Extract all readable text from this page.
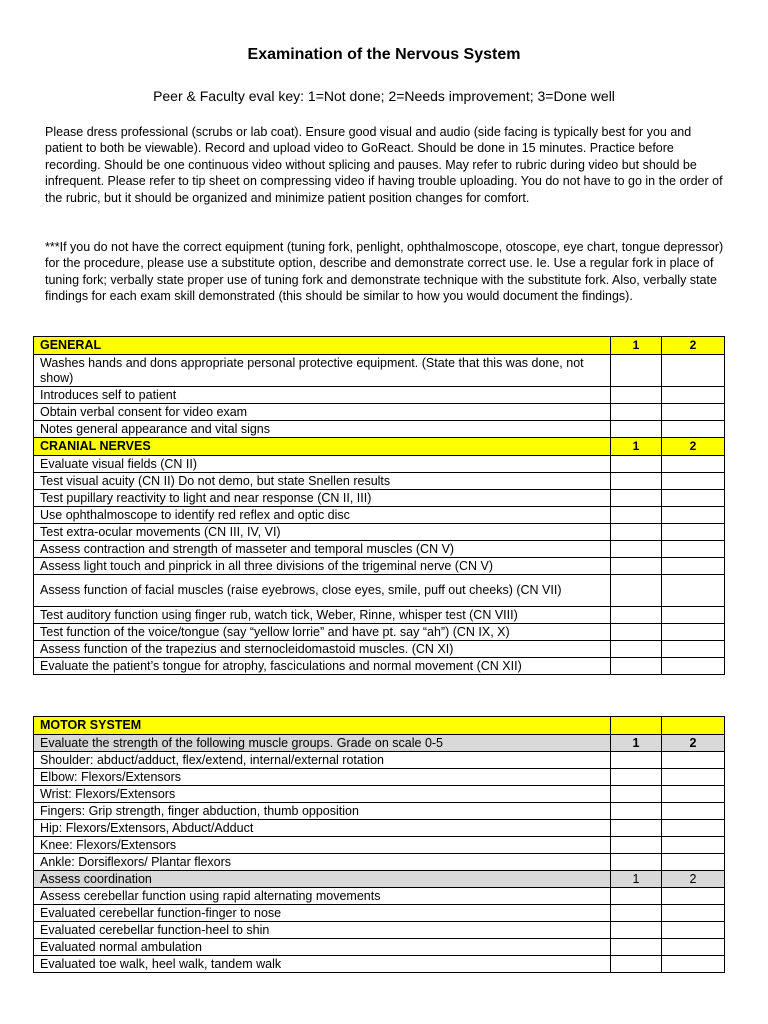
Examination of the Nervous System
Peer & Faculty eval key: 1=Not done; 2=Needs improvement; 3=Done well

Please dress professional (scrubs or lab coat). Ensure good visual and audio (side facing is typically best for you and patient to both be viewable). Record and upload video to GoReact. Should be done in 15 minutes. Practice before recording. Should be one continuous video without splicing and pauses. May refer to rubric during video but should be infrequent. Please refer to tip sheet on compressing video if having trouble uploading. You do not have to go in the order of the rubric, but it should be organized and minimize patient position changes for comfort.

***If you do not have the correct equipment (tuning fork, penlight, ophthalmoscope, otoscope, eye chart, tongue depressor) for the procedure, please use a substitute option, describe and demonstrate correct use. Ie. Use a regular fork in place of tuning fork; verbally state proper use of tuning fork and demonstrate technique with the substitute fork. Also, verbally state findings for each exam skill demonstrated (this should be similar to how you would document the findings).

GENERAL	1	2
Washes hands and dons appropriate personal protective equipment. (State that this was done, not show)		
Introduces self to patient		
Obtain verbal consent for video exam		
Notes general appearance and vital signs		
CRANIAL NERVES	1	2
Evaluate visual fields (CN II)		
Test visual acuity (CN II) Do not demo, but state Snellen results		
Test pupillary reactivity to light and near response (CN II, III)		
Use ophthalmoscope to identify red reflex and optic disc		
Test extra-ocular movements (CN III, IV, VI)		
Assess contraction and strength of masseter and temporal muscles (CN V)		
Assess light touch and pinprick in all three divisions of the trigeminal nerve (CN V)		
Assess function of facial muscles (raise eyebrows, close eyes, smile, puff out cheeks) (CN VII)		
Test auditory function using finger rub, watch tick, Weber, Rinne, whisper test (CN VIII)		
Test function of the voice/tongue (say “yellow lorrie” and have pt. say “ah”) (CN IX, X)		
Assess function of the trapezius and sternocleidomastoid muscles. (CN XI)		
Evaluate the patient’s tongue for atrophy, fasciculations and normal movement (CN XII)		
MOTOR SYSTEM		
Evaluate the strength of the following muscle groups. Grade on scale 0-5	1	2
Shoulder: abduct/adduct, flex/extend, internal/external rotation		
Elbow: Flexors/Extensors		
Wrist: Flexors/Extensors		
Fingers: Grip strength, finger abduction, thumb opposition		
Hip: Flexors/Extensors, Abduct/Adduct		
Knee: Flexors/Extensors		
Ankle: Dorsiflexors/ Plantar flexors		
Assess coordination	1	2
Assess cerebellar function using rapid alternating movements		
Evaluated cerebellar function-finger to nose		
Evaluated cerebellar function-heel to shin		
Evaluated normal ambulation		
Evaluated toe walk, heel walk, tandem walk		
